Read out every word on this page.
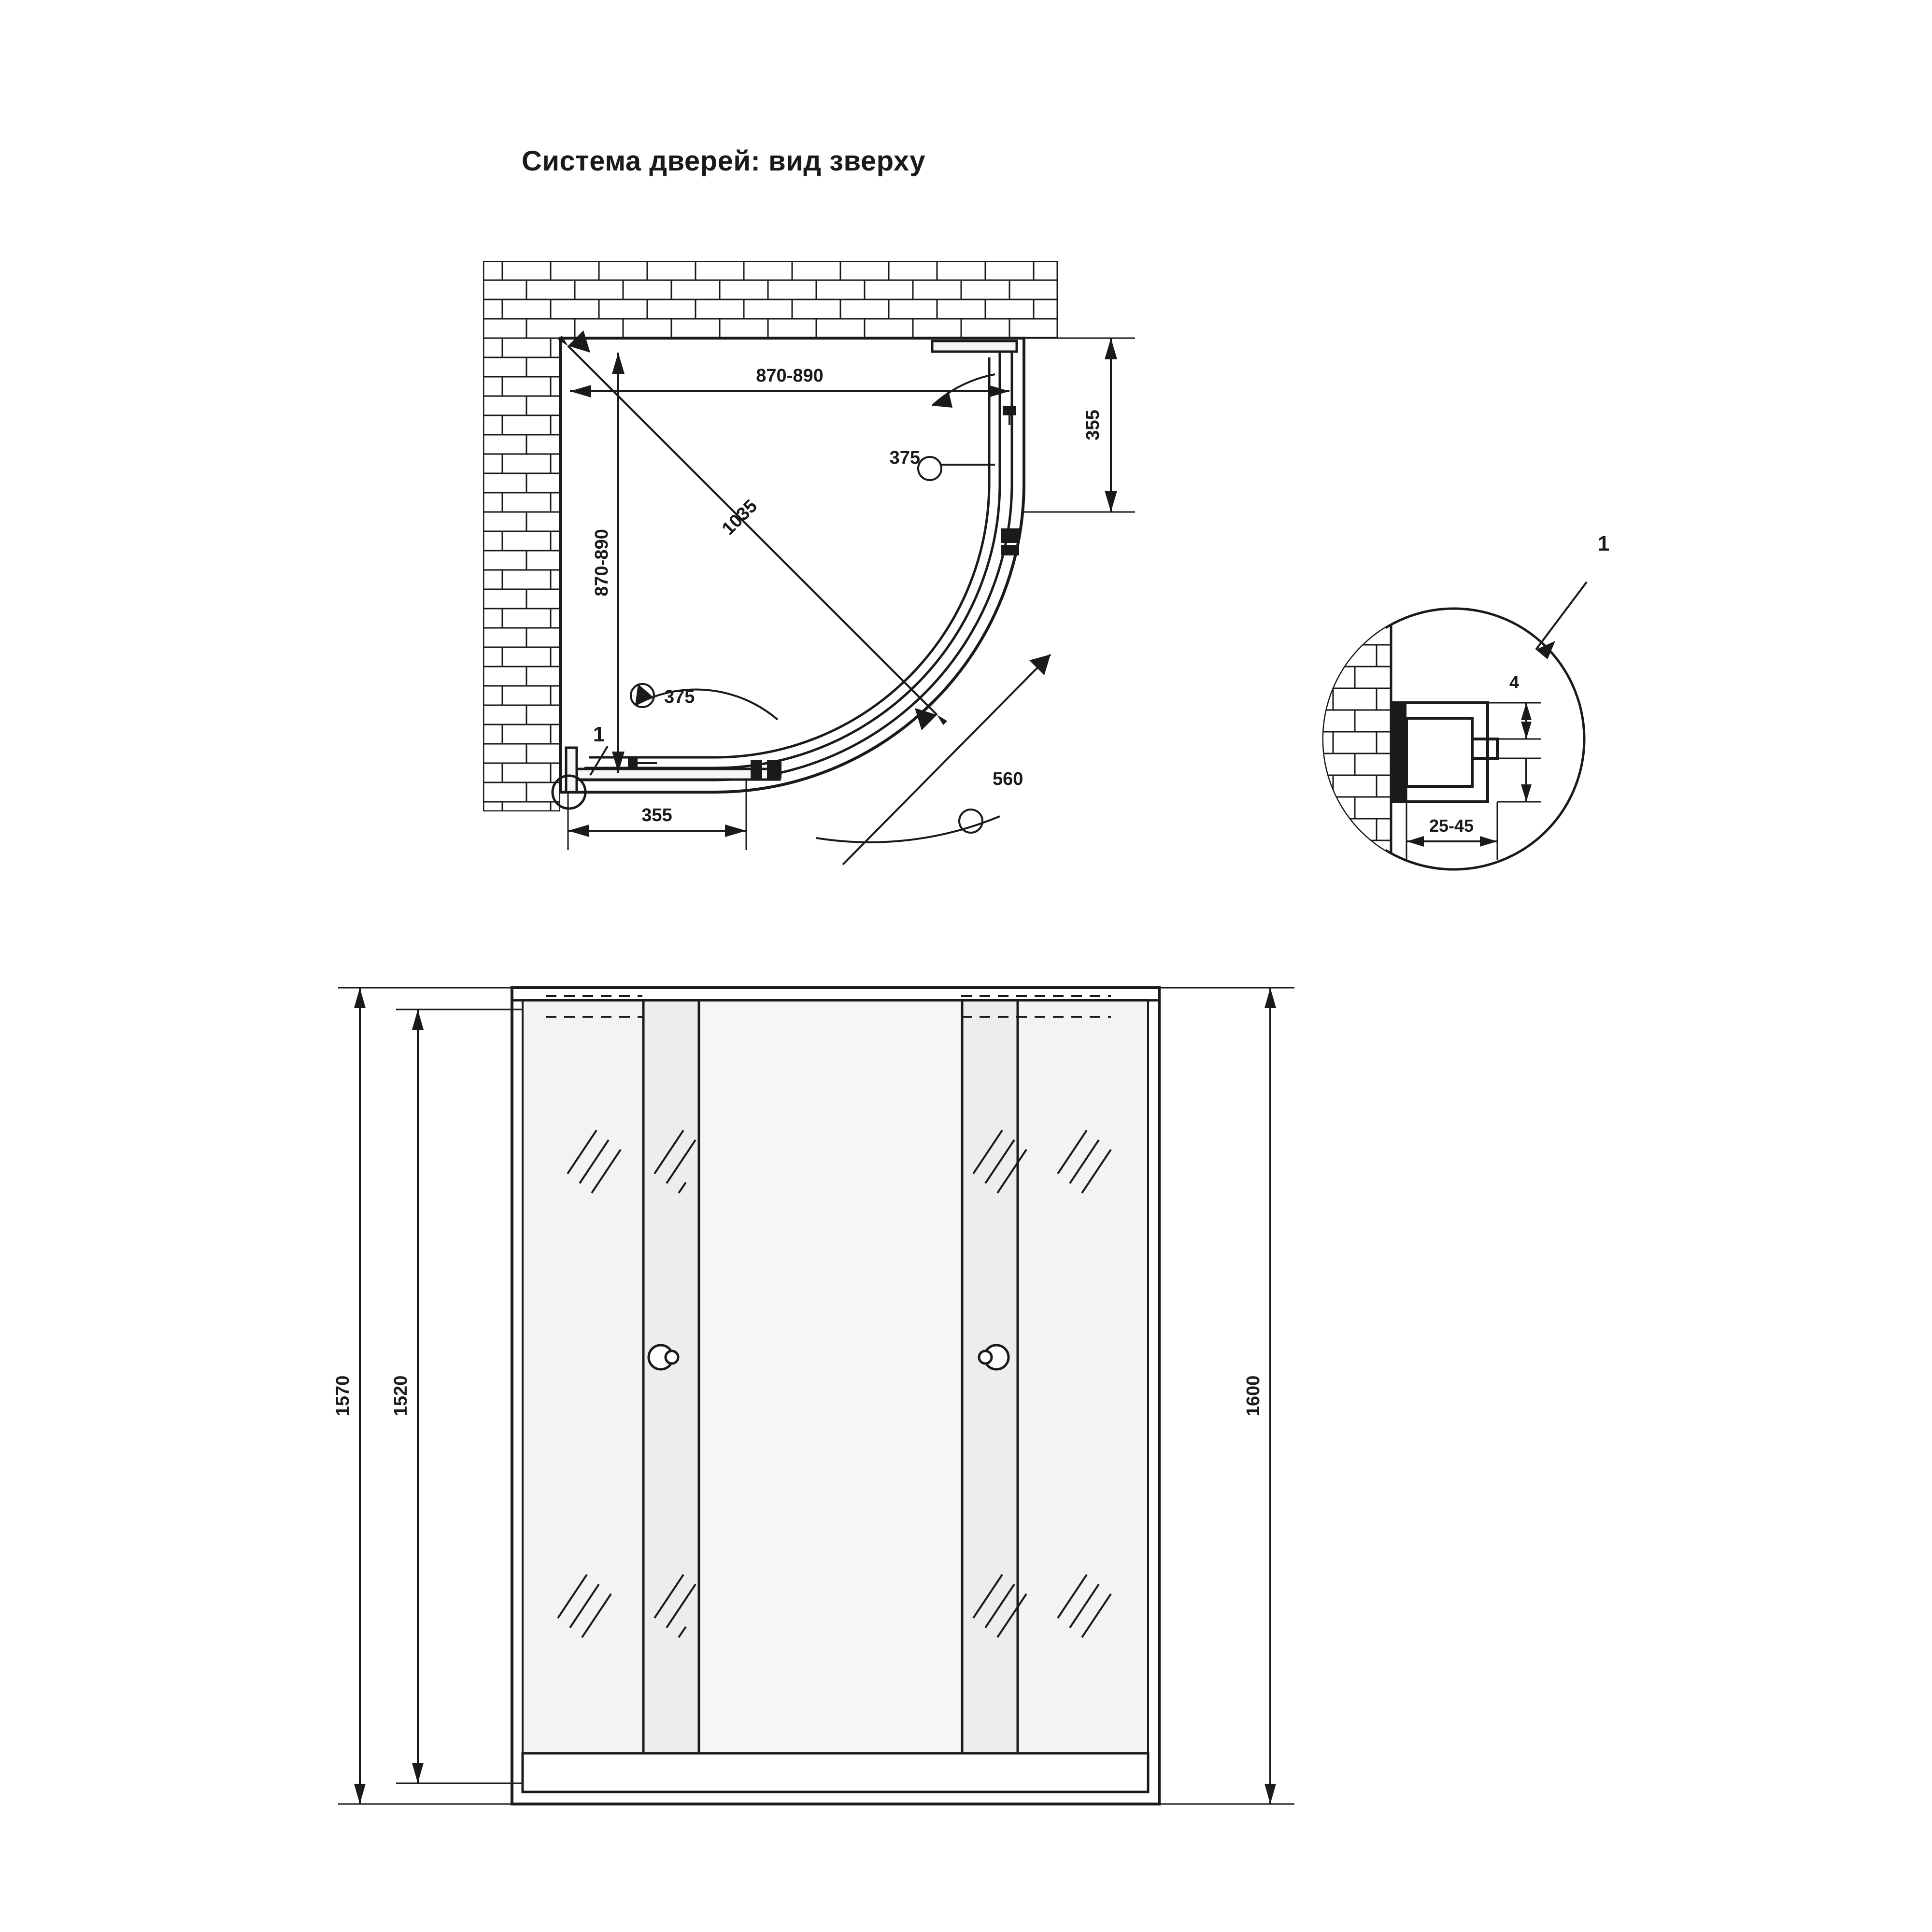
Система дверей: вид зверху
1035
870-890
870-890
355
355
375
375
560
1
4
25-45
1
1570 1520	1600
